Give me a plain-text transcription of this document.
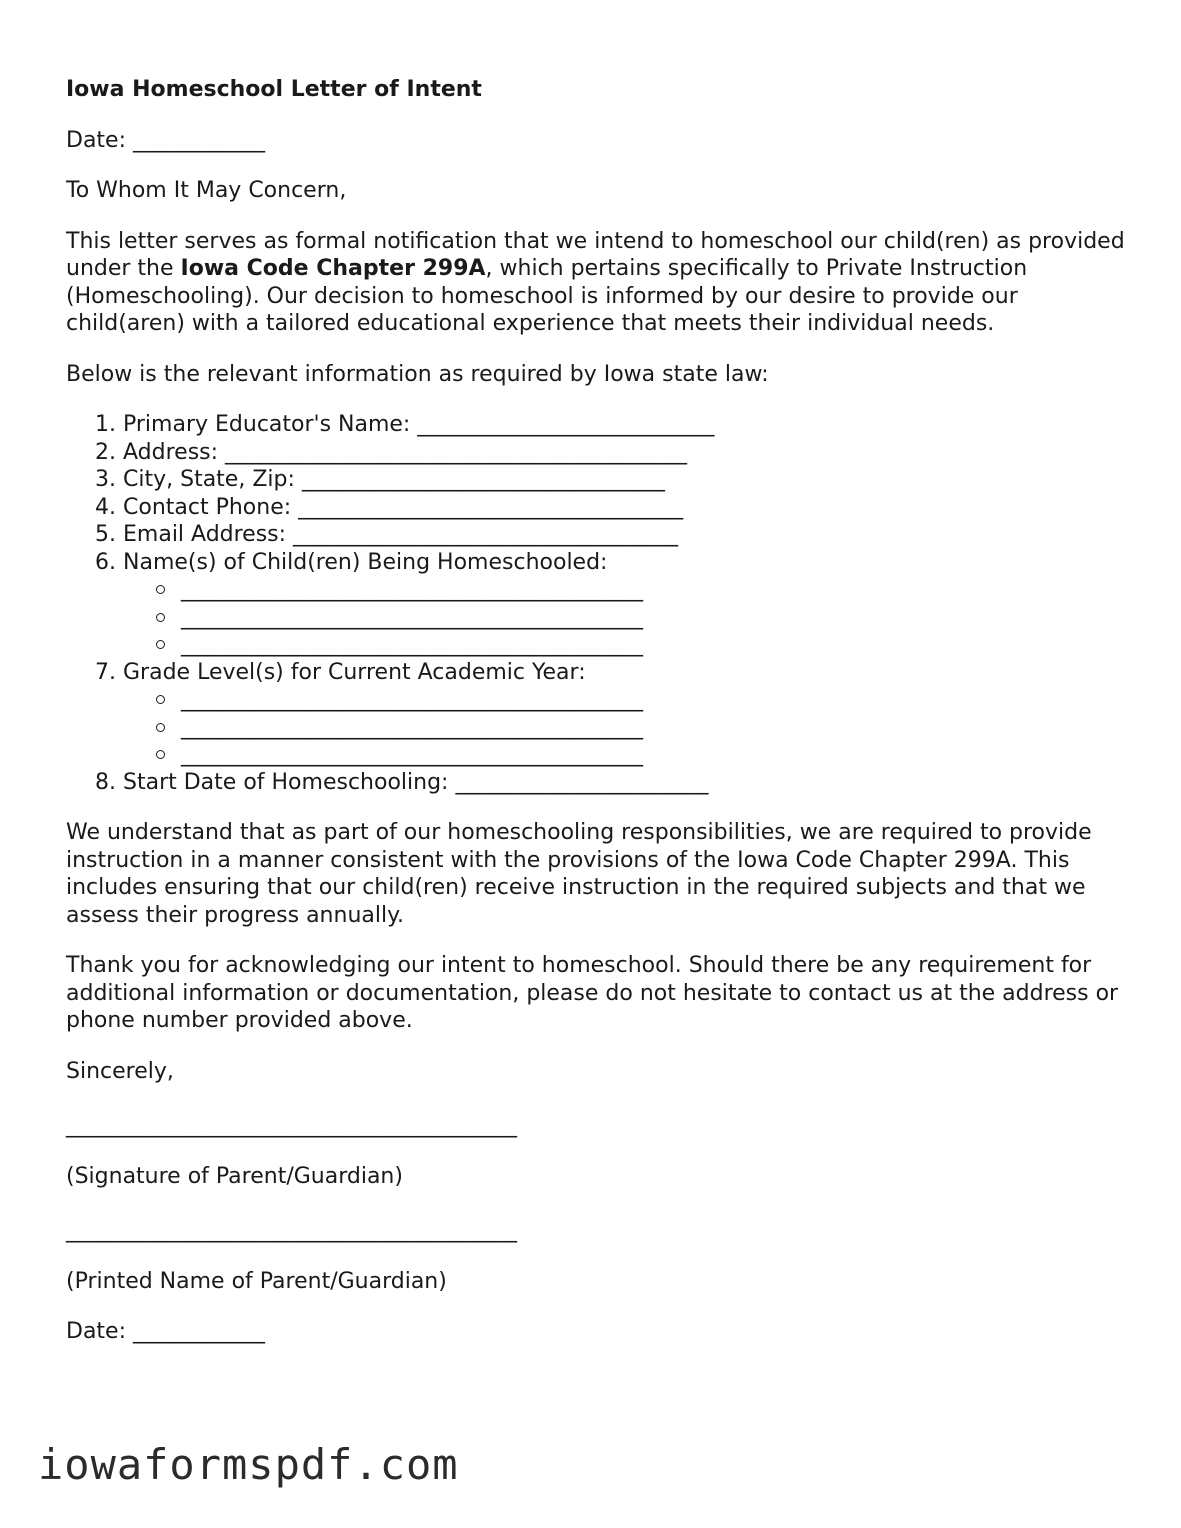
Iowa Homeschool Letter of Intent

Date: ____________

To Whom It May Concern,

This letter serves as formal notification that we intend to homeschool our child(ren) as provided under the Iowa Code Chapter 299A, which pertains specifically to Private Instruction (Homeschooling). Our decision to homeschool is informed by our desire to provide our child(aren) with a tailored educational experience that meets their individual needs.

Below is the relevant information as required by Iowa state law:

1. Primary Educator's Name: ___________________________
2. Address: __________________________________________
3. City, State, Zip: _________________________________
4. Contact Phone: ___________________________________
5. Email Address: ___________________________________
6. Name(s) of Child(ren) Being Homeschooled:
__________________________________________
__________________________________________
__________________________________________
7. Grade Level(s) for Current Academic Year:
__________________________________________
__________________________________________
__________________________________________
8. Start Date of Homeschooling: _______________________

We understand that as part of our homeschooling responsibilities, we are required to provide instruction in a manner consistent with the provisions of the Iowa Code Chapter 299A. This includes ensuring that our child(ren) receive instruction in the required subjects and that we assess their progress annually.

Thank you for acknowledging our intent to homeschool. Should there be any requirement for additional information or documentation, please do not hesitate to contact us at the address or phone number provided above.

Sincerely,

_________________________________________

(Signature of Parent/Guardian)

_________________________________________

(Printed Name of Parent/Guardian)

Date: ____________

iowaformspdf.com
